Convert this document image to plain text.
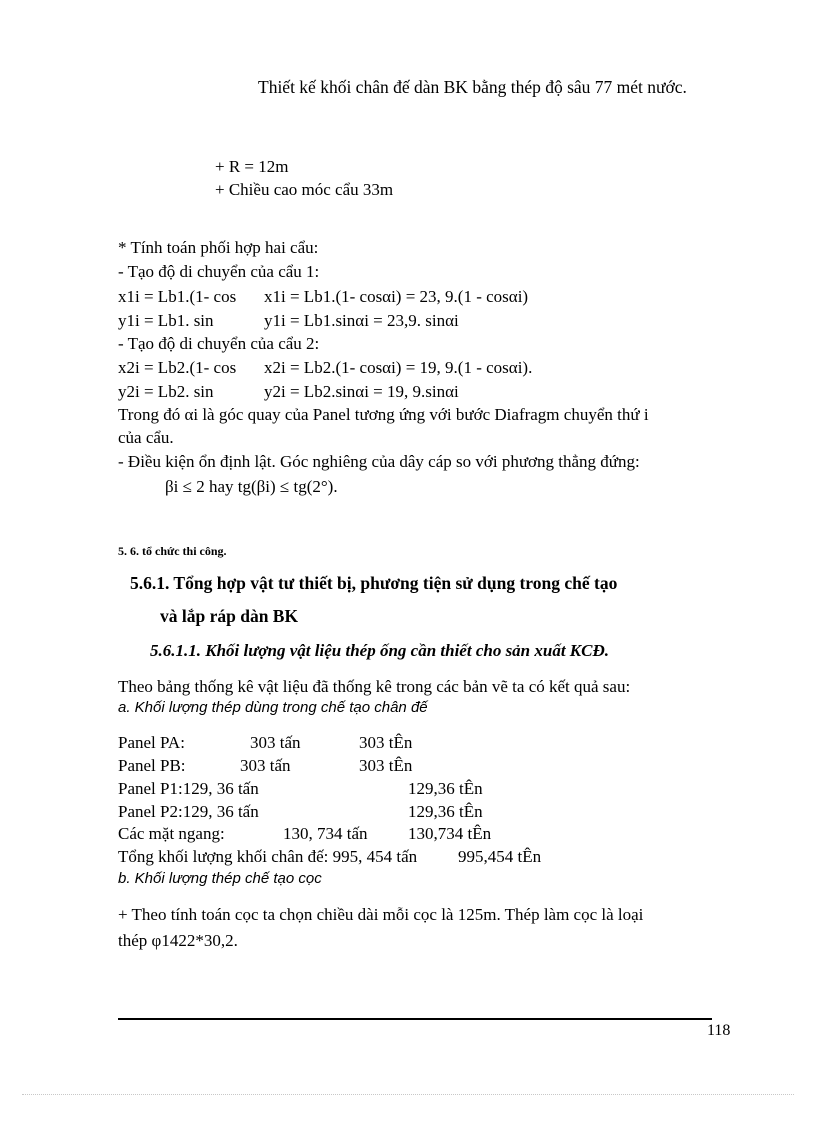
Thiết kế khối chân đế dàn BK bằng thép độ sâu 77 mét nước.
+ R = 12m
+ Chiều cao móc cẩu 33m
* Tính toán phối hợp hai cẩu:
- Tạo độ di chuyển của cẩu 1:
x1i = Lb1.(1- cos x1i = Lb1.(1- cosαi) = 23, 9.(1 - cosαi)
y1i = Lb1. sin	y1i = Lb1.sinαi = 23,9. sinαi
- Tạo độ di chuyển của cẩu 2:
x2i = Lb2.(1- cos x2i = Lb2.(1- cosαi) = 19, 9.(1 - cosαi).
y2i = Lb2. sin	y2i = Lb2.sinαi = 19, 9.sinαi
Trong đó αi là góc quay của Panel tương ứng với bước Diafragm chuyển thứ i
của cẩu.
- Điều kiện ổn định lật. Góc nghiêng của dây cáp so với phương thẳng đứng:
βi ≤ 2 hay tg(βi) ≤ tg(2°).
5. 6. tổ chức thi công.
5.6.1. Tổng hợp vật tư thiết bị, phương tiện sử dụng trong chế tạo
và lắp ráp dàn BK
5.6.1.1. Khối lượng vật liệu thép ống cần thiết cho sản xuất KCĐ.
Theo bảng thống kê vật liệu đã thống kê trong các bản vẽ ta có kết quả sau:
a. Khối lượng thép dùng trong chế tạo chân đế
Panel PA:	303 tấn	303 tÊn
Panel PB:	303 tấn	303 tÊn
Panel P1:129, 36 tấn	129,36 tÊn
Panel P2:129, 36 tấn	129,36 tÊn
Các mặt ngang:	130, 734 tấn 130,734 tÊn
Tổng khối lượng khối chân đế: 995, 454 tấn 995,454 tÊn
b. Khối lượng thép chế tạo cọc
+ Theo tính toán cọc ta chọn chiều dài mỗi cọc là 125m. Thép làm cọc là loại
thép φ1422*30,2.
118
